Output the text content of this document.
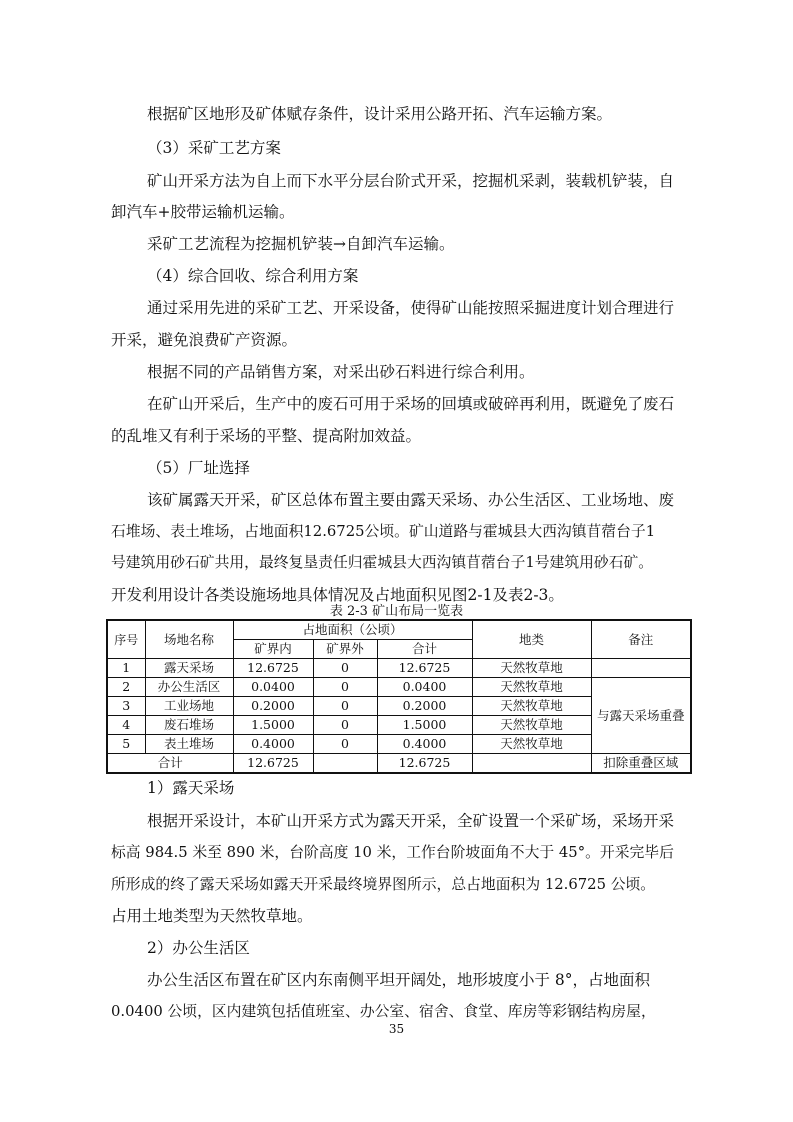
根据矿区地形及矿体赋存条件，设计采用公路开拓、汽车运输方案。
（3）采矿工艺方案
矿山开采方法为自上而下水平分层台阶式开采，挖掘机采剥，装载机铲装，自
卸汽车+胶带运输机运输。
采矿工艺流程为挖掘机铲装→自卸汽车运输。
（4）综合回收、综合利用方案
通过采用先进的采矿工艺、开采设备，使得矿山能按照采掘进度计划合理进行
开采，避免浪费矿产资源。
根据不同的产品销售方案，对采出砂石料进行综合利用。
在矿山开采后，生产中的废石可用于采场的回填或破碎再利用，既避免了废石
的乱堆又有利于采场的平整、提高附加效益。
（5）厂址选择
该矿属露天开采，矿区总体布置主要由露天采场、办公生活区、工业场地、废
石堆场、表土堆场，占地面积12.6725公顷。矿山道路与霍城县大西沟镇苜蓿台子1
号建筑用砂石矿共用，最终复垦责任归霍城县大西沟镇苜蓿台子1号建筑用砂石矿。
开发利用设计各类设施场地具体情况及占地面积见图2-1及表2-3。
表 2-3 矿山布局一览表
序号	场地名称	占地面积（公顷）			地类	备注
		矿界内	矿界外	合计		
1	露天采场	12.6725	0	12.6725	天然牧草地	
2	办公生活区	0.0400	0	0.0400	天然牧草地	与露天采场重叠
3	工业场地	0.2000	0	0.2000	天然牧草地	
4	废石堆场	1.5000	0	1.5000	天然牧草地	
5	表土堆场	0.4000	0	0.4000	天然牧草地	
合计		12.6725		12.6725		扣除重叠区域
1）露天采场
根据开采设计，本矿山开采方式为露天开采，全矿设置一个采矿场，采场开采
标高 984.5 米至 890 米，台阶高度 10 米，工作台阶坡面角不大于 45°。开采完毕后
所形成的终了露天采场如露天开采最终境界图所示，总占地面积为 12.6725 公顷。
占用土地类型为天然牧草地。
2）办公生活区
办公生活区布置在矿区内东南侧平坦开阔处，地形坡度小于 8°，占地面积
0.0400 公顷，区内建筑包括值班室、办公室、宿舍、食堂、库房等彩钢结构房屋，
35
